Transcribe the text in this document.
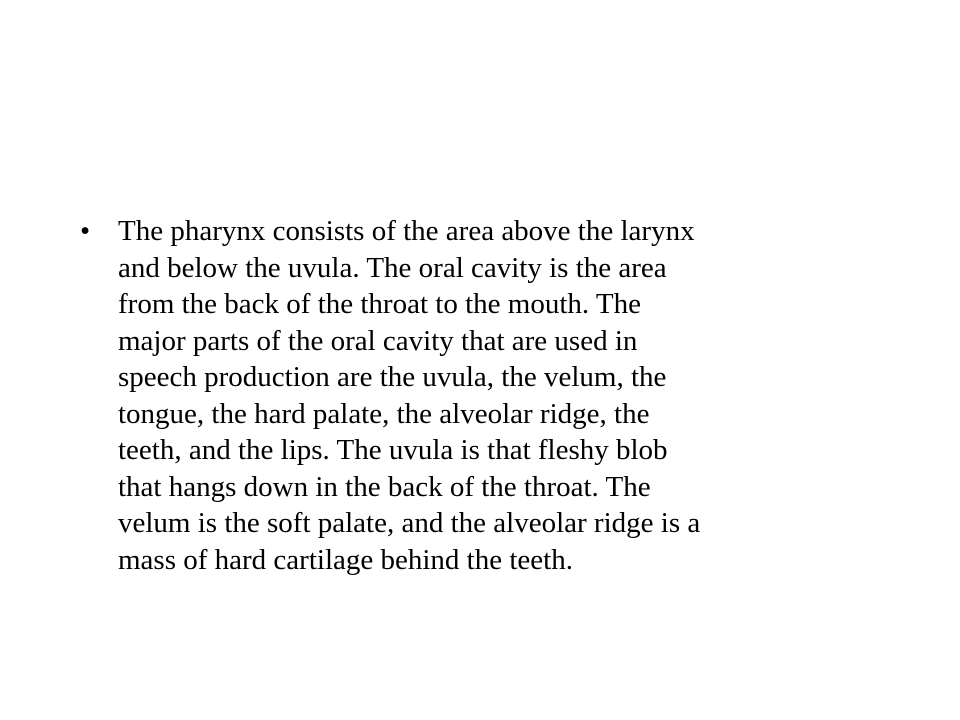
• The pharynx consists of the area above the larynx
and below the uvula. The oral cavity is the area
from the back of the throat to the mouth. The
major parts of the oral cavity that are used in
speech production are the uvula, the velum, the
tongue, the hard palate, the alveolar ridge, the
teeth, and the lips. The uvula is that fleshy blob
that hangs down in the back of the throat. The
velum is the soft palate, and the alveolar ridge is a
mass of hard cartilage behind the teeth.
